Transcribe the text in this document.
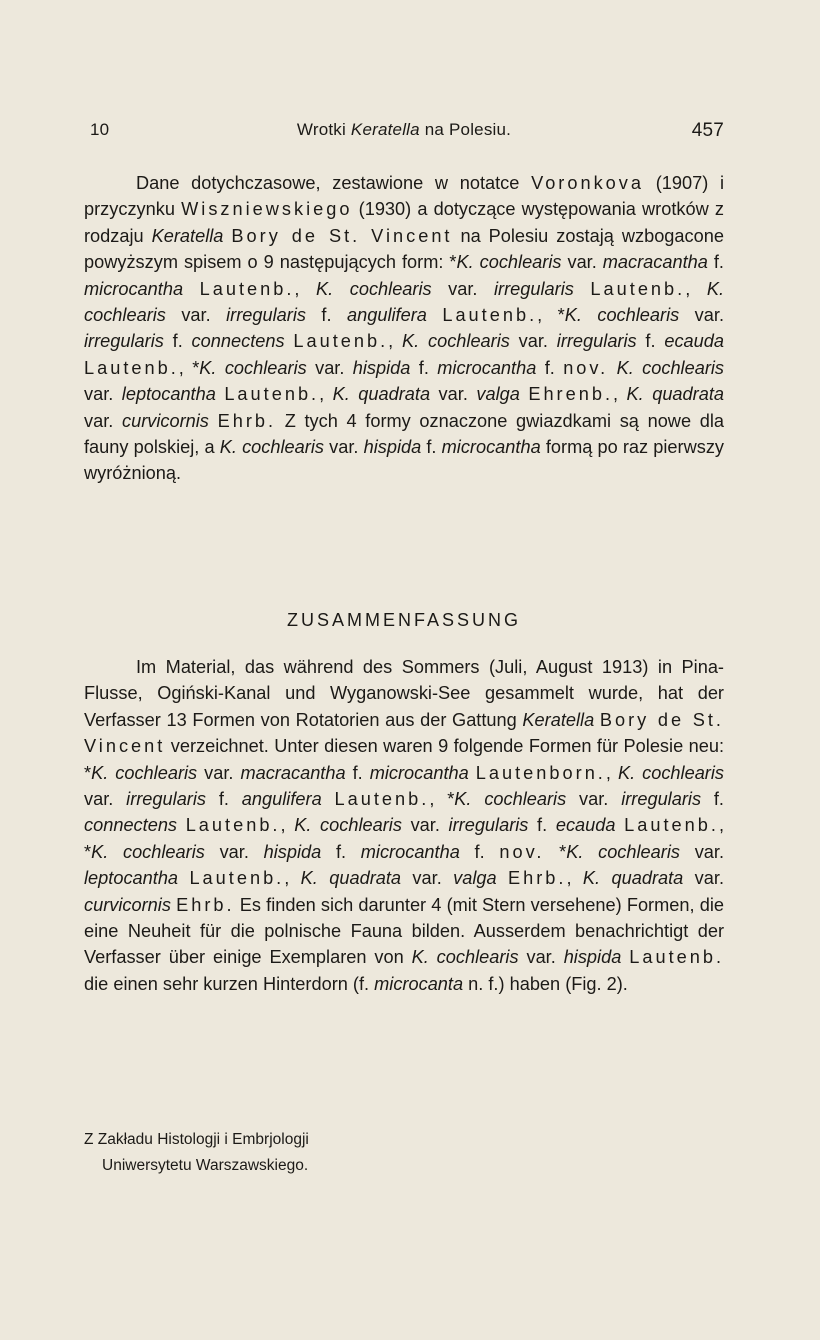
10	Wrotki Keratella na Polesiu.	457

Dane dotychczasowe, zestawione w notatce Voronkova (1907) i przyczynku Wiszniewskiego (1930) a dotyczące występowania wrotków z rodzaju Keratella Bory de St. Vincent na Polesiu zostają wzbogacone powyższym spisem o 9 następujących form: *K. cochlearis var. macracantha f. microcantha Lautenb., K. cochlearis var. irregularis Lautenb., K. cochlearis var. irregularis f. angulifera Lautenb., *K. cochlearis var. irregularis f. connectens Lautenb., K. cochlearis var. irregularis f. ecauda Lautenb., *K. cochlearis var. hispida f. microcantha f. nov. K. cochlearis var. leptocantha Lautenb., K. quadrata var. valga Ehrenb., K. quadrata var. curvicornis Ehrb. Z tych 4 formy oznaczone gwiazdkami są nowe dla fauny polskiej, a K. cochlearis var. hispida f. microcantha formą po raz pierwszy wyróżnioną.

ZUSAMMENFASSUNG

Im Material, das während des Sommers (Juli, August 1913) in Pina-Flusse, Ogiński-Kanal und Wyganowski-See gesammelt wurde, hat der Verfasser 13 Formen von Rotatorien aus der Gattung Keratella Bory de St. Vincent verzeichnet. Unter diesen waren 9 folgende Formen für Polesie neu: *K. cochlearis var. macracantha f. microcantha Lautenborn., K. cochlearis var. irregularis f. angulifera Lautenb., *K. cochlearis var. irregularis f. connectens Lautenb., K. cochlearis var. irregularis f. ecauda Lautenb., *K. cochlearis var. hispida f. microcantha f. nov. *K. cochlearis var. leptocantha Lautenb., K. quadrata var. valga Ehrb., K. quadrata var. curvicornis Ehrb. Es finden sich darunter 4 (mit Stern versehene) Formen, die eine Neuheit für die polnische Fauna bilden. Ausserdem benachrichtigt der Verfasser über einige Exemplaren von K. cochlearis var. hispida Lautenb. die einen sehr kurzen Hinterdorn (f. microcanta n. f.) haben (Fig. 2).

Z Zakładu Histologji i Embrjologji
Uniwersytetu Warszawskiego.
